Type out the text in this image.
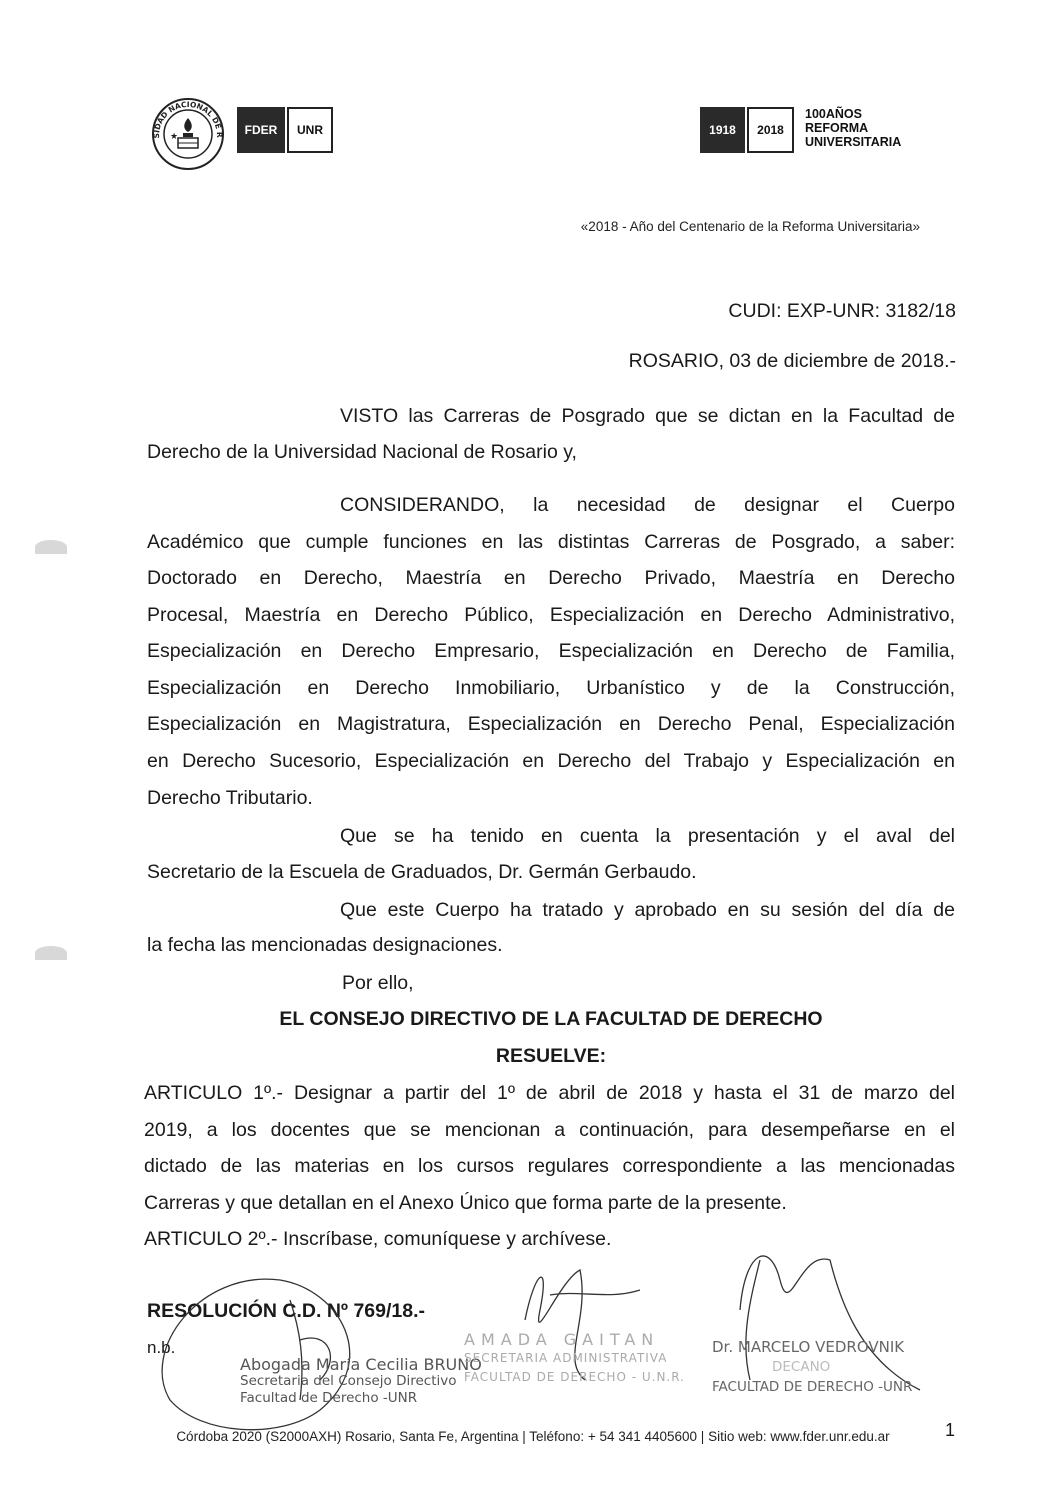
SIDAD NACIONAL DE R
★	FDER	UNR	1918	2018
100AÑOS
REFORMA
UNIVERSITARIA
«2018 - Año del Centenario de la Reforma Universitaria»
CUDI: EXP-UNR: 3182/18
ROSARIO, 03 de diciembre de 2018.-
VISTO las Carreras de Posgrado que se dictan en la Facultad de
Derecho de la Universidad Nacional de Rosario y,
CONSIDERANDO, la necesidad de designar el Cuerpo
Académico que cumple funciones en las distintas Carreras de Posgrado, a saber:
Doctorado en Derecho, Maestría en Derecho Privado, Maestría en Derecho
Procesal, Maestría en Derecho Público, Especialización en Derecho Administrativo,
Especialización en Derecho Empresario, Especialización en Derecho de Familia,
Especialización en Derecho Inmobiliario, Urbanístico y de la Construcción,
Especialización en Magistratura, Especialización en Derecho Penal, Especialización
en Derecho Sucesorio, Especialización en Derecho del Trabajo y Especialización en
Derecho Tributario.
Que se ha tenido en cuenta la presentación y el aval del
Secretario de la Escuela de Graduados, Dr. Germán Gerbaudo.
Que este Cuerpo ha tratado y aprobado en su sesión del día de
la fecha las mencionadas designaciones.
Por ello,
EL CONSEJO DIRECTIVO DE LA FACULTAD DE DERECHO
RESUELVE:
ARTICULO 1º.- Designar a partir del 1º de abril de 2018 y hasta el 31 de marzo del
2019, a los docentes que se mencionan a continuación, para desempeñarse en el
dictado de las materias en los cursos regulares correspondiente a las mencionadas
Carreras y que detallan en el Anexo Único que forma parte de la presente.
ARTICULO 2º.- Inscríbase, comuníquese y archívese.
RESOLUCIÓN C.D. Nº 769/18.-
n.b.
Abogada María Cecilia BRUNO
Secretaria del Consejo Directivo
Facultad de Derecho -UNR
AMADA GAITAN
SECRETARIA ADMINISTRATIVA
FACULTAD DE DERECHO - U.N.R.
Dr. MARCELO VEDROVNIK
DECANO
FACULTAD DE DERECHO -UNR
Córdoba 2020 (S2000AXH) Rosario, Santa Fe, Argentina | Teléfono: + 54 341 4405600 | Sitio web: www.fder.unr.edu.ar	1
